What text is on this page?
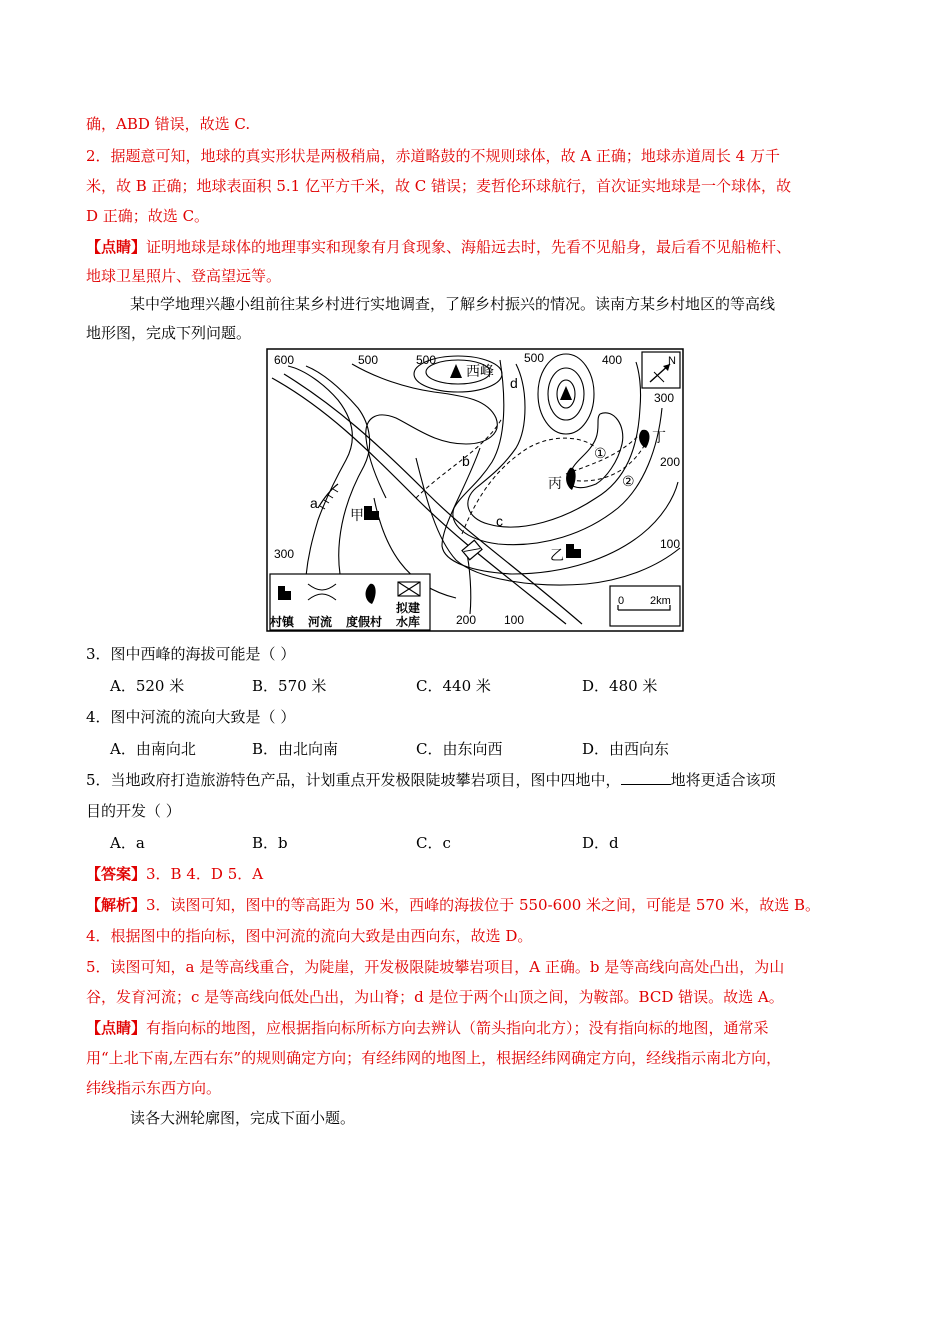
确，ABD 错误，故选 C.
2．据题意可知，地球的真实形状是两极稍扁，赤道略鼓的不规则球体，故 A 正确；地球赤道周长 4 万千
米，故 B 正确；地球表面积 5.1 亿平方千米，故 C 错误；麦哲伦环球航行，首次证实地球是一个球体，故
D 正确；故选 C。
【点睛】证明地球是球体的地理事实和现象有月食现象、海船远去时，先看不见船身，最后看不见船桅杆、
地球卫星照片、登高望远等。
某中学地理兴趣小组前往某乡村进行实地调查，了解乡村振兴的情况。读南方某乡村地区的等高线
地形图，完成下列问题。
600	500	500	500	400
300
200
100
300
200 100
西峰
a
b
c
d
甲
乙
丙
丁
①
②
N
0 2km
村镇 河流 度假村
拟建
水库
3．图中西峰的海拔可能是（ ）
A．520 米	B．570 米	C．440 米	D．480 米
4．图中河流的流向大致是（ ）
A．由南向北	B．由北向南	C．由东向西	D．由西向东
5．当地政府打造旅游特色产品，计划重点开发极限陡坡攀岩项目，图中四地中，	地将更适合该项
目的开发（ ）
A．a	B．b	C．c	D．d
【答案】3．B 4．D 5．A
【解析】3．读图可知，图中的等高距为 50 米，西峰的海拔位于 550-600 米之间，可能是 570 米，故选 B。
4．根据图中的指向标，图中河流的流向大致是由西向东，故选 D。
5．读图可知，a 是等高线重合，为陡崖，开发极限陡坡攀岩项目，A 正确。b 是等高线向高处凸出，为山
谷，发育河流；c 是等高线向低处凸出，为山脊；d 是位于两个山顶之间，为鞍部。BCD 错误。故选 A。
【点睛】有指向标的地图，应根据指向标所标方向去辨认（箭头指向北方）；没有指向标的地图，通常采
用“上北下南,左西右东”的规则确定方向；有经纬网的地图上，根据经纬网确定方向，经线指示南北方向，
纬线指示东西方向。
读各大洲轮廓图，完成下面小题。
